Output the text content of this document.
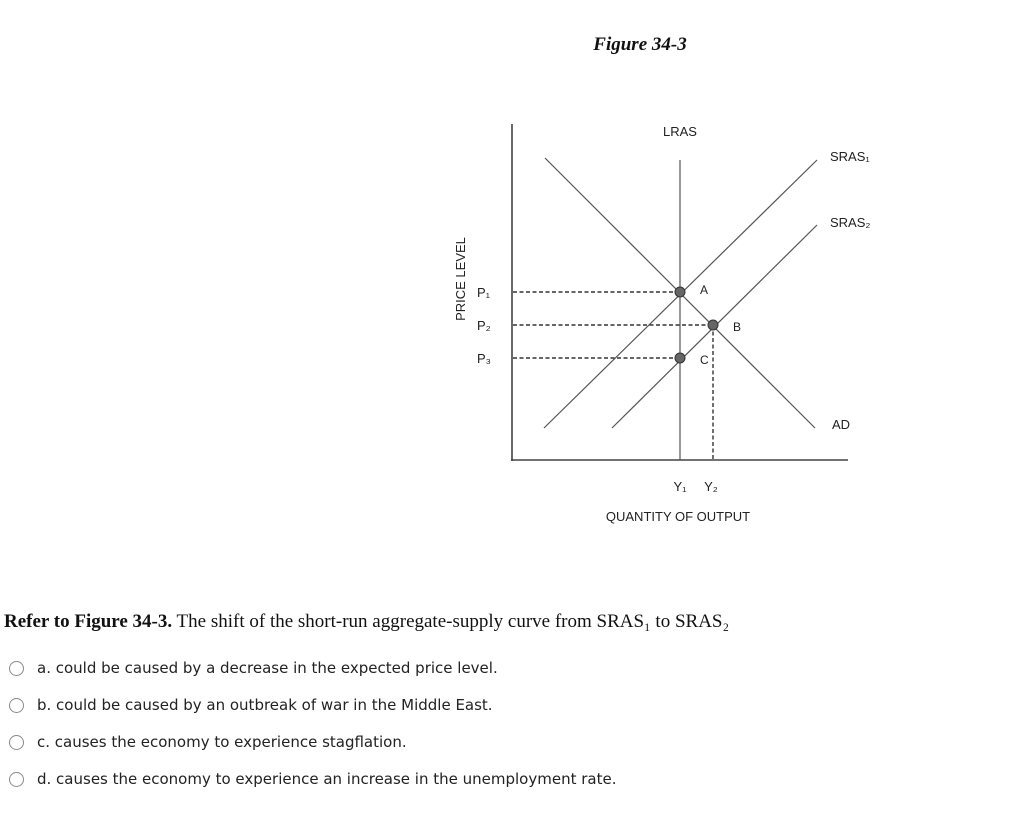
Figure 34-3
LRAS
SRAS₁
SRAS₂
AD
A
B
C
P₁
P₂
P₃
Y₁ Y₂
QUANTITY OF OUTPUT
PRICE LEVEL
Refer to Figure 34-3. The shift of the short-run aggregate-supply curve from SRAS₁ to SRAS₂
a. could be caused by a decrease in the expected price level.
b. could be caused by an outbreak of war in the Middle East.
c. causes the economy to experience stagflation.
d. causes the economy to experience an increase in the unemployment rate.
